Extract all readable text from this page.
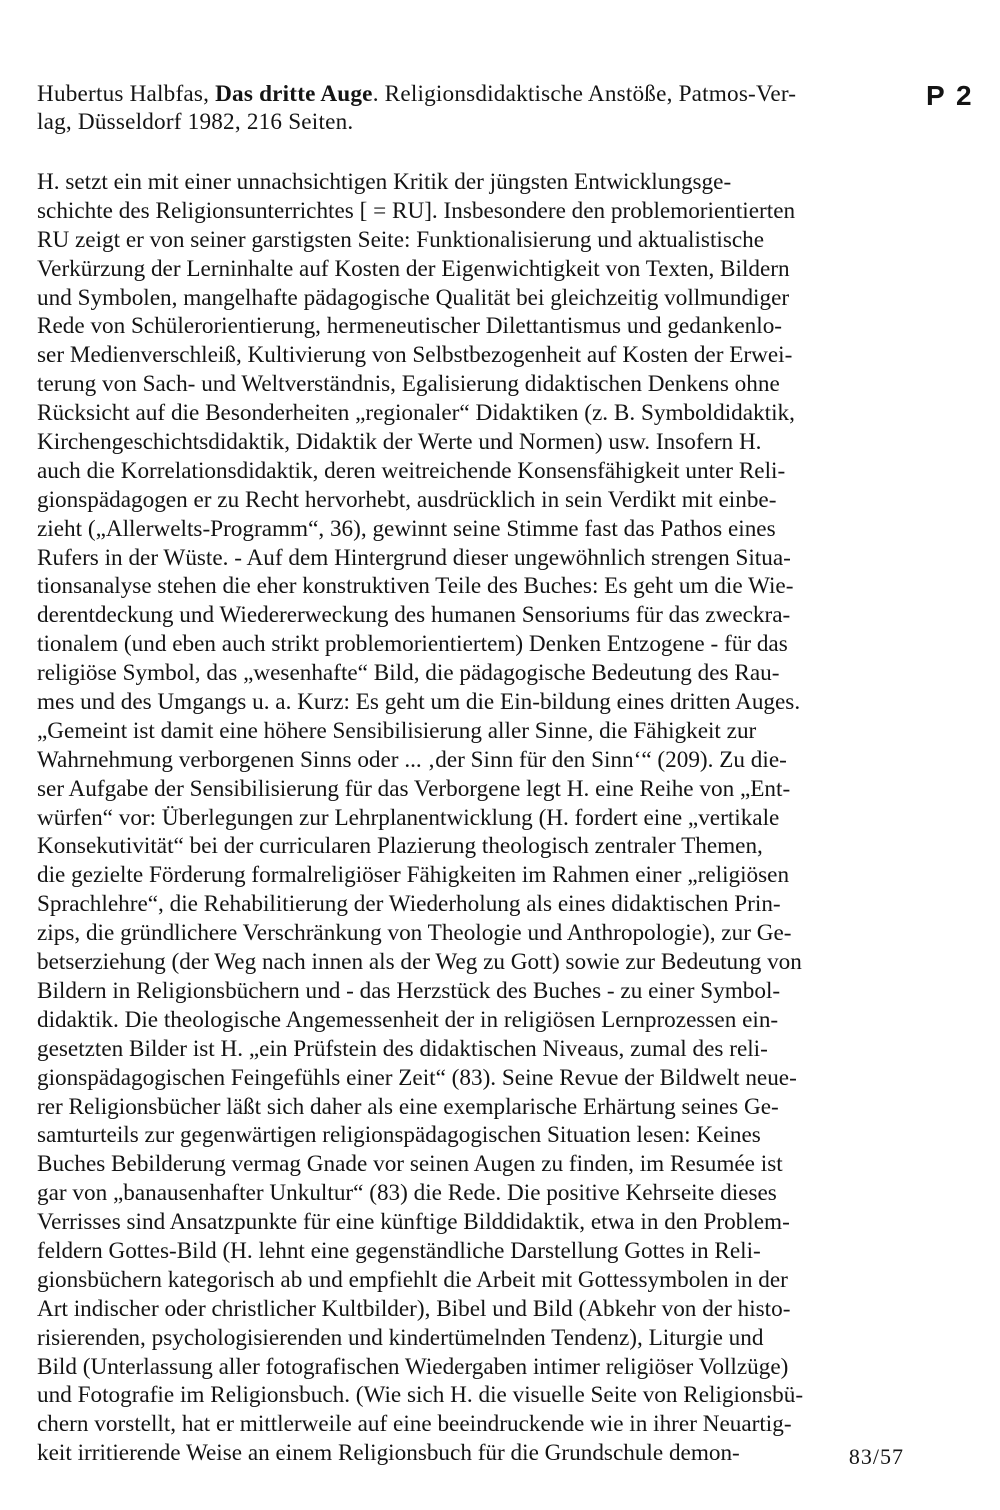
Hubertus Halbfas, Das dritte Auge. Religionsdidaktische Anstöße, Patmos-Ver-
lag, Düsseldorf 1982, 216 Seiten.
P 2
H. setzt ein mit einer unnachsichtigen Kritik der jüngsten Entwicklungsge-
schichte des Religionsunterrichtes [ = RU]. Insbesondere den problemorientierten
RU zeigt er von seiner garstigsten Seite: Funktionalisierung und aktualistische
Verkürzung der Lerninhalte auf Kosten der Eigenwichtigkeit von Texten, Bildern
und Symbolen, mangelhafte pädagogische Qualität bei gleichzeitig vollmundiger
Rede von Schülerorientierung, hermeneutischer Dilettantismus und gedankenlo-
ser Medienverschleiß, Kultivierung von Selbstbezogenheit auf Kosten der Erwei-
terung von Sach- und Weltverständnis, Egalisierung didaktischen Denkens ohne
Rücksicht auf die Besonderheiten „regionaler“ Didaktiken (z. B. Symboldidaktik,
Kirchengeschichtsdidaktik, Didaktik der Werte und Normen) usw. Insofern H.
auch die Korrelationsdidaktik, deren weitreichende Konsensfähigkeit unter Reli-
gionspädagogen er zu Recht hervorhebt, ausdrücklich in sein Verdikt mit einbe-
zieht („Allerwelts-Programm“, 36), gewinnt seine Stimme fast das Pathos eines
Rufers in der Wüste. - Auf dem Hintergrund dieser ungewöhnlich strengen Situa-
tionsanalyse stehen die eher konstruktiven Teile des Buches: Es geht um die Wie-
derentdeckung und Wiedererweckung des humanen Sensoriums für das zweckra-
tionalem (und eben auch strikt problemorientiertem) Denken Entzogene - für das
religiöse Symbol, das „wesenhafte“ Bild, die pädagogische Bedeutung des Rau-
mes und des Umgangs u. a. Kurz: Es geht um die Ein-bildung eines dritten Auges.
„Gemeint ist damit eine höhere Sensibilisierung aller Sinne, die Fähigkeit zur
Wahrnehmung verborgenen Sinns oder ... ‚der Sinn für den Sinn‘“ (209). Zu die-
ser Aufgabe der Sensibilisierung für das Verborgene legt H. eine Reihe von „Ent-
würfen“ vor: Überlegungen zur Lehrplanentwicklung (H. fordert eine „vertikale
Konsekutivität“ bei der curricularen Plazierung theologisch zentraler Themen,
die gezielte Förderung formalreligiöser Fähigkeiten im Rahmen einer „religiösen
Sprachlehre“, die Rehabilitierung der Wiederholung als eines didaktischen Prin-
zips, die gründlichere Verschränkung von Theologie und Anthropologie), zur Ge-
betserziehung (der Weg nach innen als der Weg zu Gott) sowie zur Bedeutung von
Bildern in Religionsbüchern und - das Herzstück des Buches - zu einer Symbol-
didaktik. Die theologische Angemessenheit der in religiösen Lernprozessen ein-
gesetzten Bilder ist H. „ein Prüfstein des didaktischen Niveaus, zumal des reli-
gionspädagogischen Feingefühls einer Zeit“ (83). Seine Revue der Bildwelt neue-
rer Religionsbücher läßt sich daher als eine exemplarische Erhärtung seines Ge-
samturteils zur gegenwärtigen religionspädagogischen Situation lesen: Keines
Buches Bebilderung vermag Gnade vor seinen Augen zu finden, im Resumée ist
gar von „banausenhafter Unkultur“ (83) die Rede. Die positive Kehrseite dieses
Verrisses sind Ansatzpunkte für eine künftige Bilddidaktik, etwa in den Problem-
feldern Gottes-Bild (H. lehnt eine gegenständliche Darstellung Gottes in Reli-
gionsbüchern kategorisch ab und empfiehlt die Arbeit mit Gottessymbolen in der
Art indischer oder christlicher Kultbilder), Bibel und Bild (Abkehr von der histo-
risierenden, psychologisierenden und kindertümelnden Tendenz), Liturgie und
Bild (Unterlassung aller fotografischen Wiedergaben intimer religiöser Vollzüge)
und Fotografie im Religionsbuch. (Wie sich H. die visuelle Seite von Religionsbü-
chern vorstellt, hat er mittlerweile auf eine beeindruckende wie in ihrer Neuartig-
keit irritierende Weise an einem Religionsbuch für die Grundschule demon-	83/57
